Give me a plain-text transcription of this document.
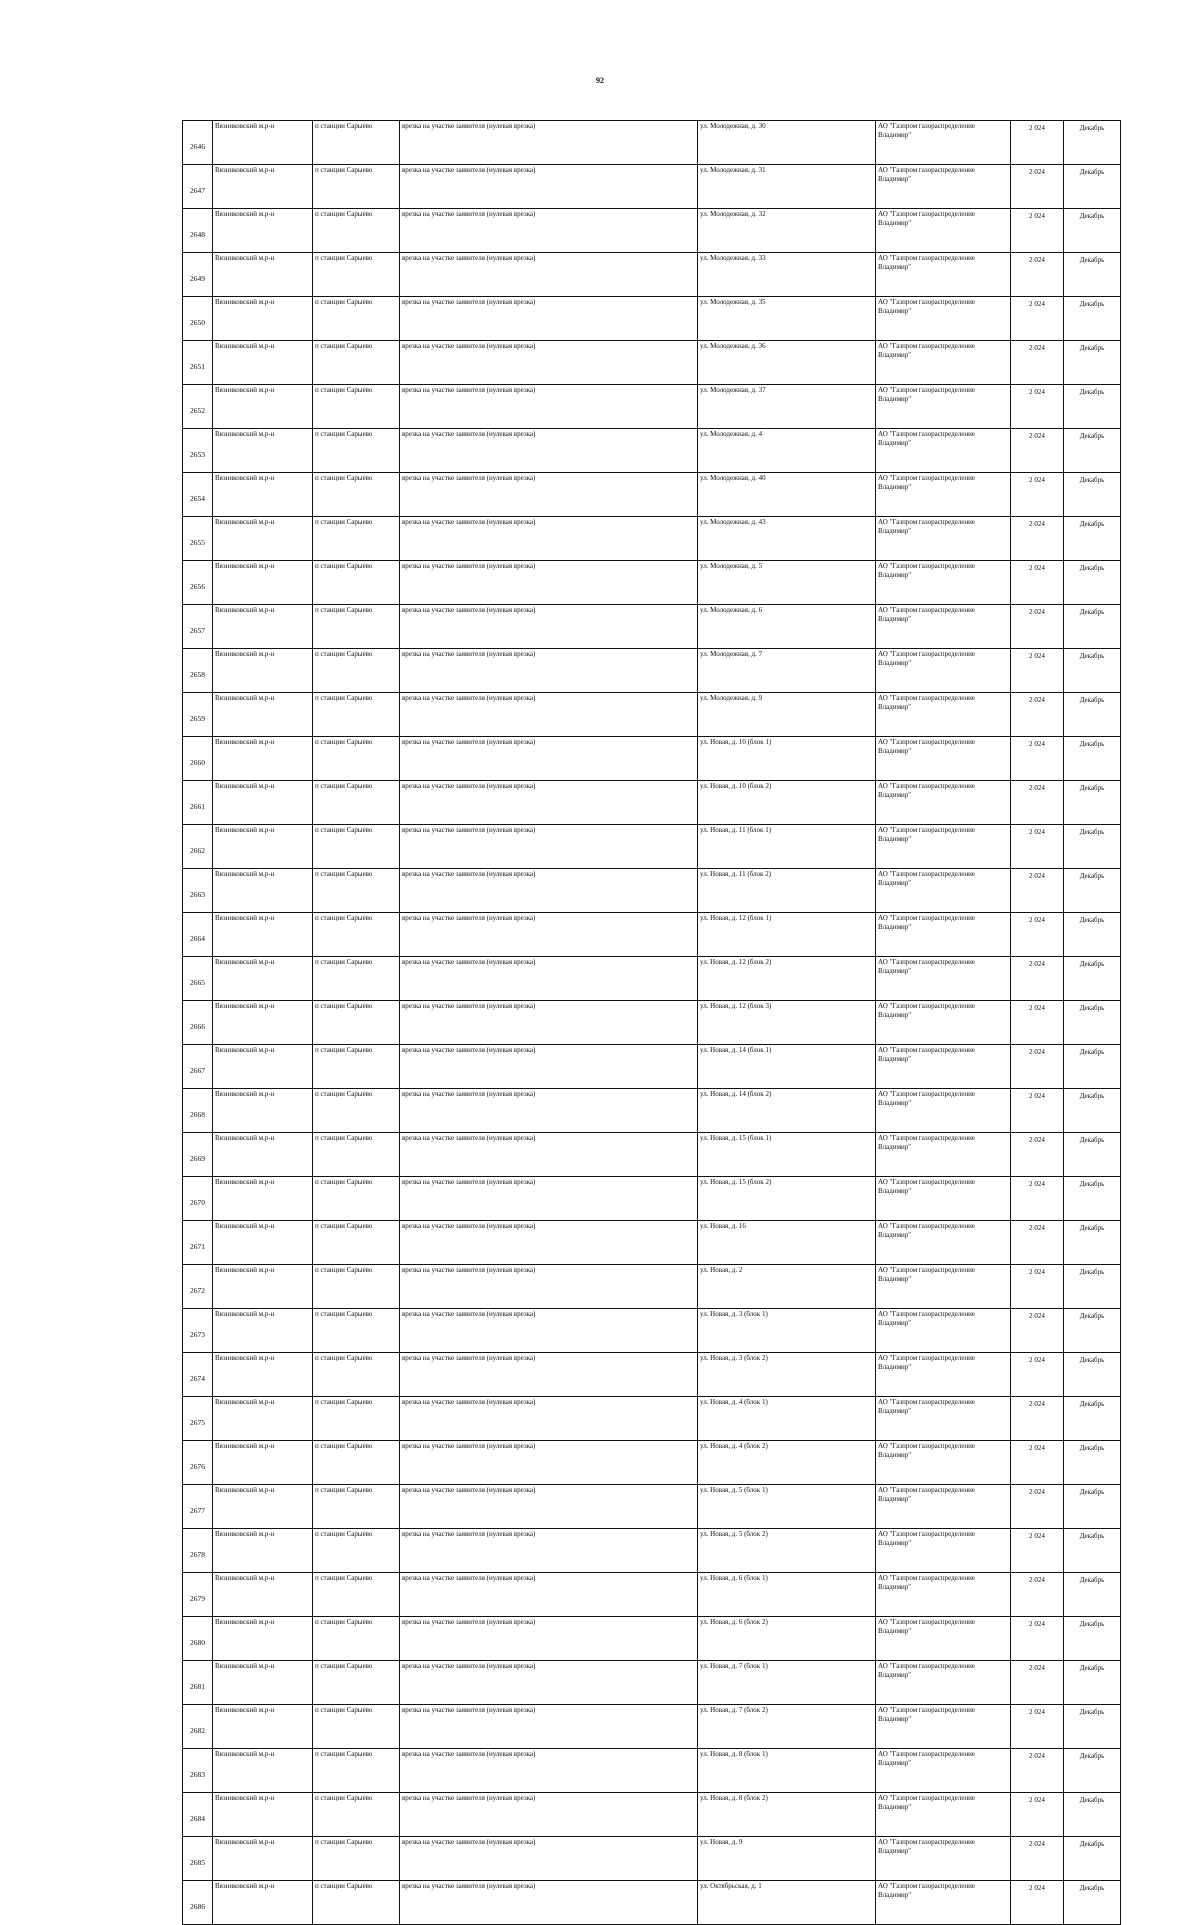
92
2646	Вязниковский м.р-н	п станции Сарыево	врезка на участке заявителя (нулевая врезка)	ул. Молодежная, д. 30	АО "Газпром газораспределение Владимир"	2 024	Декабрь
2647	Вязниковский м.р-н	п станции Сарыево	врезка на участке заявителя (нулевая врезка)	ул. Молодежная, д. 31	АО "Газпром газораспределение Владимир"	2 024	Декабрь
2648	Вязниковский м.р-н	п станции Сарыево	врезка на участке заявителя (нулевая врезка)	ул. Молодежная, д. 32	АО "Газпром газораспределение Владимир"	2 024	Декабрь
2649	Вязниковский м.р-н	п станции Сарыево	врезка на участке заявителя (нулевая врезка)	ул. Молодежная, д. 33	АО "Газпром газораспределение Владимир"	2 024	Декабрь
2650	Вязниковский м.р-н	п станции Сарыево	врезка на участке заявителя (нулевая врезка)	ул. Молодежная, д. 35	АО "Газпром газораспределение Владимир"	2 024	Декабрь
2651	Вязниковский м.р-н	п станции Сарыево	врезка на участке заявителя (нулевая врезка)	ул. Молодежная, д. 36	АО "Газпром газораспределение Владимир"	2 024	Декабрь
2652	Вязниковский м.р-н	п станции Сарыево	врезка на участке заявителя (нулевая врезка)	ул. Молодежная, д. 37	АО "Газпром газораспределение Владимир"	2 024	Декабрь
2653	Вязниковский м.р-н	п станции Сарыево	врезка на участке заявителя (нулевая врезка)	ул. Молодежная, д. 4	АО "Газпром газораспределение Владимир"	2 024	Декабрь
2654	Вязниковский м.р-н	п станции Сарыево	врезка на участке заявителя (нулевая врезка)	ул. Молодежная, д. 40	АО "Газпром газораспределение Владимир"	2 024	Декабрь
2655	Вязниковский м.р-н	п станции Сарыево	врезка на участке заявителя (нулевая врезка)	ул. Молодежная, д. 43	АО "Газпром газораспределение Владимир"	2 024	Декабрь
2656	Вязниковский м.р-н	п станции Сарыево	врезка на участке заявителя (нулевая врезка)	ул. Молодежная, д. 5	АО "Газпром газораспределение Владимир"	2 024	Декабрь
2657	Вязниковский м.р-н	п станции Сарыево	врезка на участке заявителя (нулевая врезка)	ул. Молодежная, д. 6	АО "Газпром газораспределение Владимир"	2 024	Декабрь
2658	Вязниковский м.р-н	п станции Сарыево	врезка на участке заявителя (нулевая врезка)	ул. Молодежная, д. 7	АО "Газпром газораспределение Владимир"	2 024	Декабрь
2659	Вязниковский м.р-н	п станции Сарыево	врезка на участке заявителя (нулевая врезка)	ул. Молодежная, д. 9	АО "Газпром газораспределение Владимир"	2 024	Декабрь
2660	Вязниковский м.р-н	п станции Сарыево	врезка на участке заявителя (нулевая врезка)	ул. Новая, д. 10 (блок 1)	АО "Газпром газораспределение Владимир"	2 024	Декабрь
2661	Вязниковский м.р-н	п станции Сарыево	врезка на участке заявителя (нулевая врезка)	ул. Новая, д. 10 (блок 2)	АО "Газпром газораспределение Владимир"	2 024	Декабрь
2662	Вязниковский м.р-н	п станции Сарыево	врезка на участке заявителя (нулевая врезка)	ул. Новая, д. 11 (блок 1)	АО "Газпром газораспределение Владимир"	2 024	Декабрь
2663	Вязниковский м.р-н	п станции Сарыево	врезка на участке заявителя (нулевая врезка)	ул. Новая, д. 11 (блок 2)	АО "Газпром газораспределение Владимир"	2 024	Декабрь
2664	Вязниковский м.р-н	п станции Сарыево	врезка на участке заявителя (нулевая врезка)	ул. Новая, д. 12 (блок 1)	АО "Газпром газораспределение Владимир"	2 024	Декабрь
2665	Вязниковский м.р-н	п станции Сарыево	врезка на участке заявителя (нулевая врезка)	ул. Новая, д. 12 (блок 2)	АО "Газпром газораспределение Владимир"	2 024	Декабрь
2666	Вязниковский м.р-н	п станции Сарыево	врезка на участке заявителя (нулевая врезка)	ул. Новая, д. 12 (блок 3)	АО "Газпром газораспределение Владимир"	2 024	Декабрь
2667	Вязниковский м.р-н	п станции Сарыево	врезка на участке заявителя (нулевая врезка)	ул. Новая, д. 14 (блок 1)	АО "Газпром газораспределение Владимир"	2 024	Декабрь
2668	Вязниковский м.р-н	п станции Сарыево	врезка на участке заявителя (нулевая врезка)	ул. Новая, д. 14 (блок 2)	АО "Газпром газораспределение Владимир"	2 024	Декабрь
2669	Вязниковский м.р-н	п станции Сарыево	врезка на участке заявителя (нулевая врезка)	ул. Новая, д. 15 (блок 1)	АО "Газпром газораспределение Владимир"	2 024	Декабрь
2670	Вязниковский м.р-н	п станции Сарыево	врезка на участке заявителя (нулевая врезка)	ул. Новая, д. 15 (блок 2)	АО "Газпром газораспределение Владимир"	2 024	Декабрь
2671	Вязниковский м.р-н	п станции Сарыево	врезка на участке заявителя (нулевая врезка)	ул. Новая, д. 16	АО "Газпром газораспределение Владимир"	2 024	Декабрь
2672	Вязниковский м.р-н	п станции Сарыево	врезка на участке заявителя (нулевая врезка)	ул. Новая, д. 2	АО "Газпром газораспределение Владимир"	2 024	Декабрь
2673	Вязниковский м.р-н	п станции Сарыево	врезка на участке заявителя (нулевая врезка)	ул. Новая, д. 3 (блок 1)	АО "Газпром газораспределение Владимир"	2 024	Декабрь
2674	Вязниковский м.р-н	п станции Сарыево	врезка на участке заявителя (нулевая врезка)	ул. Новая, д. 3 (блок 2)	АО "Газпром газораспределение Владимир"	2 024	Декабрь
2675	Вязниковский м.р-н	п станции Сарыево	врезка на участке заявителя (нулевая врезка)	ул. Новая, д. 4 (блок 1)	АО "Газпром газораспределение Владимир"	2 024	Декабрь
2676	Вязниковский м.р-н	п станции Сарыево	врезка на участке заявителя (нулевая врезка)	ул. Новая, д. 4 (блок 2)	АО "Газпром газораспределение Владимир"	2 024	Декабрь
2677	Вязниковский м.р-н	п станции Сарыево	врезка на участке заявителя (нулевая врезка)	ул. Новая, д. 5 (блок 1)	АО "Газпром газораспределение Владимир"	2 024	Декабрь
2678	Вязниковский м.р-н	п станции Сарыево	врезка на участке заявителя (нулевая врезка)	ул. Новая, д. 5 (блок 2)	АО "Газпром газораспределение Владимир"	2 024	Декабрь
2679	Вязниковский м.р-н	п станции Сарыево	врезка на участке заявителя (нулевая врезка)	ул. Новая, д. 6 (блок 1)	АО "Газпром газораспределение Владимир"	2 024	Декабрь
2680	Вязниковский м.р-н	п станции Сарыево	врезка на участке заявителя (нулевая врезка)	ул. Новая, д. 6 (блок 2)	АО "Газпром газораспределение Владимир"	2 024	Декабрь
2681	Вязниковский м.р-н	п станции Сарыево	врезка на участке заявителя (нулевая врезка)	ул. Новая, д. 7 (блок 1)	АО "Газпром газораспределение Владимир"	2 024	Декабрь
2682	Вязниковский м.р-н	п станции Сарыево	врезка на участке заявителя (нулевая врезка)	ул. Новая, д. 7 (блок 2)	АО "Газпром газораспределение Владимир"	2 024	Декабрь
2683	Вязниковский м.р-н	п станции Сарыево	врезка на участке заявителя (нулевая врезка)	ул. Новая, д. 8 (блок 1)	АО "Газпром газораспределение Владимир"	2 024	Декабрь
2684	Вязниковский м.р-н	п станции Сарыево	врезка на участке заявителя (нулевая врезка)	ул. Новая, д. 8 (блок 2)	АО "Газпром газораспределение Владимир"	2 024	Декабрь
2685	Вязниковский м.р-н	п станции Сарыево	врезка на участке заявителя (нулевая врезка)	ул. Новая, д. 9	АО "Газпром газораспределение Владимир"	2 024	Декабрь
2686	Вязниковский м.р-н	п станции Сарыево	врезка на участке заявителя (нулевая врезка)	ул. Октябрьская, д. 1	АО "Газпром газораспределение Владимир"	2 024	Декабрь
